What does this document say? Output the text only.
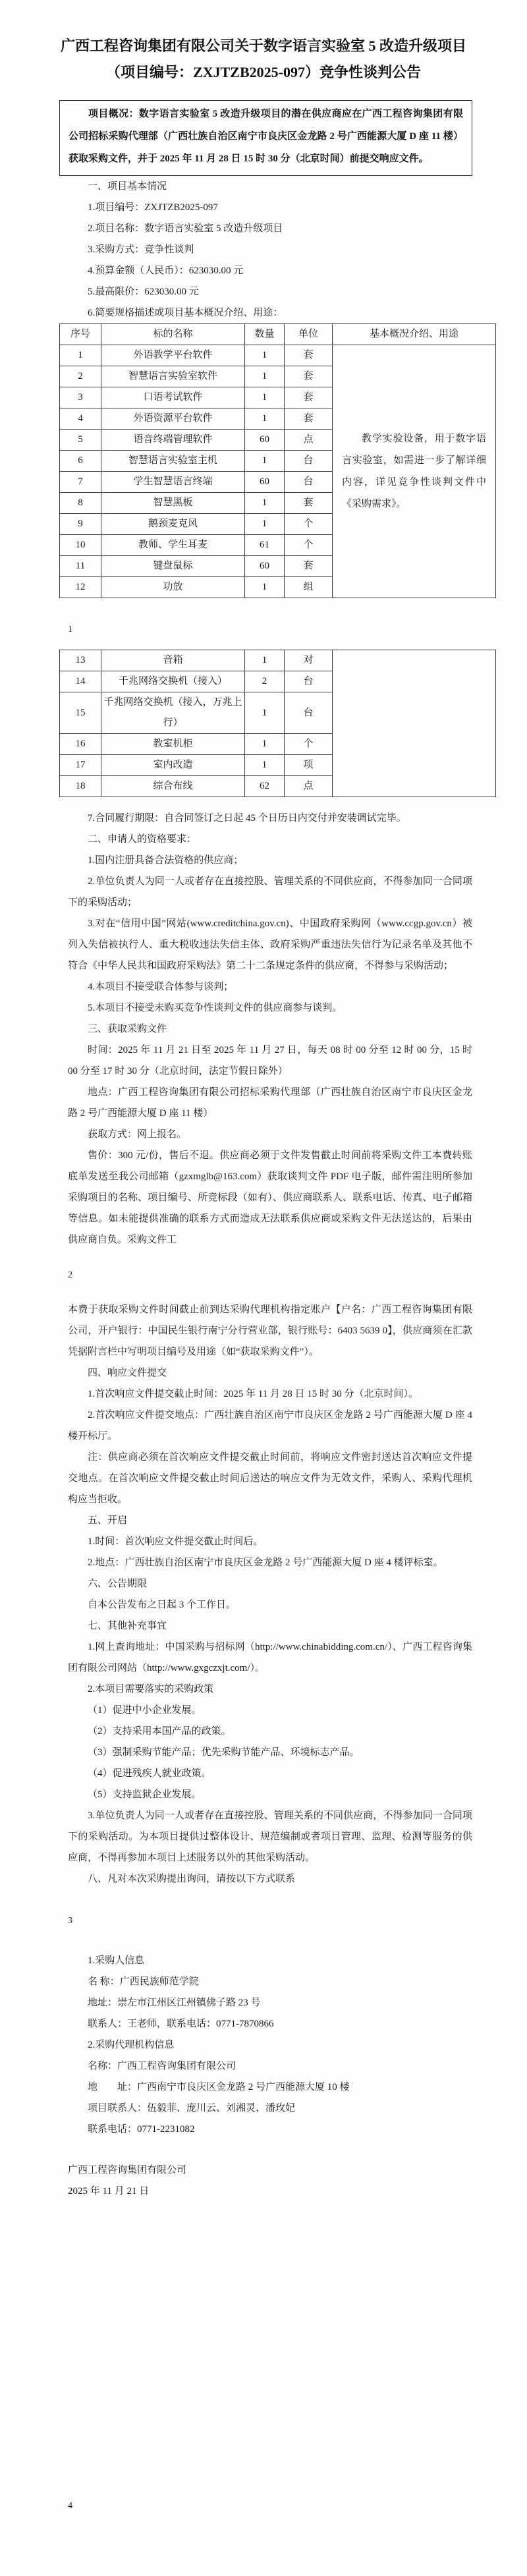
广西工程咨询集团有限公司关于数字语言实验室 5 改造升级项目
（项目编号：ZXJTZB2025-097）竞争性谈判公告

项目概况：数字语言实验室 5 改造升级项目的潜在供应商应在广西工程咨询集团有限公司招标采购代理部（广西壮族自治区南宁市良庆区金龙路 2 号广西能源大厦 D 座 11 楼）获取采购文件，并于 2025 年 11 月 28 日 15 时 30 分（北京时间）前提交响应文件。

一、项目基本情况

1.项目编号：ZXJTZB2025-097

2.项目名称：数字语言实验室 5 改造升级项目

3.采购方式：竞争性谈判

4.预算金额（人民币）：623030.00 元

5.最高限价：623030.00 元

6.简要规格描述或项目基本概况介绍、用途：

序号	标的名称	数量	单位	基本概况介绍、用途
1	外语教学平台软件	1	套	教学实验设备，用于数字语言实验室，如需进一步了解详细内容，详见竞争性谈判文件中《采购需求》。

2	智慧语言实验室软件	1	套	
3	口语考试软件	1	套	
4	外语资源平台软件	1	套	
5	语音终端管理软件	60	点	
6	智慧语言实验室主机	1	台	
7	学生智慧语言终端	60	台	
8	智慧黑板	1	套	
9	鹅颈麦克风	1	个	
10	教师、学生耳麦	61	个	
11	键盘鼠标	60	套	
12	功放	1	组	

1

13	音箱	1	对	
14	千兆网络交换机（接入）	2	台	
15	千兆网络交换机（接入，万兆上行）	1	台	
16	教室机柜	1	个	
17	室内改造	1	项	
18	综合布线	62	点	

7.合同履行期限：自合同签订之日起 45 个日历日内交付并安装调试完毕。

二、申请人的资格要求：

1.国内注册具备合法资格的供应商；

2.单位负责人为同一人或者存在直接控股、管理关系的不同供应商，不得参加同一合同项下的采购活动；

3.对在“信用中国”网站(www.creditchina.gov.cn)、中国政府采购网（www.ccgp.gov.cn）被列入失信被执行人、重大税收违法失信主体、政府采购严重违法失信行为记录名单及其他不符合《中华人民共和国政府采购法》第二十二条规定条件的供应商，不得参与采购活动；

4.本项目不接受联合体参与谈判；

5.本项目不接受未购买竞争性谈判文件的供应商参与谈判。

三、获取采购文件

时间：2025 年 11 月 21 日至 2025 年 11 月 27 日，每天 08 时 00 分至 12 时 00 分，15 时 00 分至 17 时 30 分（北京时间，法定节假日除外）

地点：广西工程咨询集团有限公司招标采购代理部（广西壮族自治区南宁市良庆区金龙路 2 号广西能源大厦 D 座 11 楼）

获取方式：网上报名。

售价：300 元/份，售后不退。供应商必须于文件发售截止时间前将采购文件工本费转账底单发送至我公司邮箱（gzxmglb@163.com）获取谈判文件 PDF 电子版，邮件需注明所参加采购项目的名称、项目编号、所竞标段（如有）、供应商联系人、联系电话、传真、电子邮箱等信息。如未能提供准确的联系方式而造成无法联系供应商或采购文件无法送达的，后果由供应商自负。采购文件工

2

本费于获取采购文件时间截止前到达采购代理机构指定账户【户名：广西工程咨询集团有限公司，开户银行：中国民生银行南宁分行营业部，银行账号：6403 5639 0】，供应商须在汇款凭据附言栏中写明项目编号及用途（如“获取采购文件”）。

四、响应文件提交

1.首次响应文件提交截止时间：2025 年 11 月 28 日 15 时 30 分（北京时间）。

2.首次响应文件提交地点：广西壮族自治区南宁市良庆区金龙路 2 号广西能源大厦 D 座 4 楼开标厅。

注：供应商必须在首次响应文件提交截止时间前，将响应文件密封送达首次响应文件提交地点。在首次响应文件提交截止时间后送达的响应文件为无效文件，采购人、采购代理机构应当拒收。

五、开启

1.时间：首次响应文件提交截止时间后。

2.地点：广西壮族自治区南宁市良庆区金龙路 2 号广西能源大厦 D 座 4 楼评标室。

六、公告期限

自本公告发布之日起 3 个工作日。

七、其他补充事宜

1.网上查询地址：中国采购与招标网（http://www.chinabidding.com.cn/）、广西工程咨询集团有限公司网站（http://www.gxgczxjt.com/）。

2.本项目需要落实的采购政策

（1）促进中小企业发展。

（2）支持采用本国产品的政策。

（3）强制采购节能产品；优先采购节能产品、环境标志产品。

（4）促进残疾人就业政策。

（5）支持监狱企业发展。

3.单位负责人为同一人或者存在直接控股、管理关系的不同供应商，不得参加同一合同项下的采购活动。为本项目提供过整体设计、规范编制或者项目管理、监理、检测等服务的供应商，不得再参加本项目上述服务以外的其他采购活动。

八、凡对本次采购提出询问，请按以下方式联系

3

1.采购人信息

名 称：广西民族师范学院

地址：崇左市江州区江州镇佛子路 23 号

联系人：王老师，联系电话：0771-7870866

2.采购代理机构信息

名称：广西工程咨询集团有限公司

地　　址：广西南宁市良庆区金龙路 2 号广西能源大厦 10 楼

项目联系人：伍毅菲、庞川云、刘湘灵、潘玫妃

联系电话：0771-2231082

广西工程咨询集团有限公司

2025 年 11 月 21 日

4
